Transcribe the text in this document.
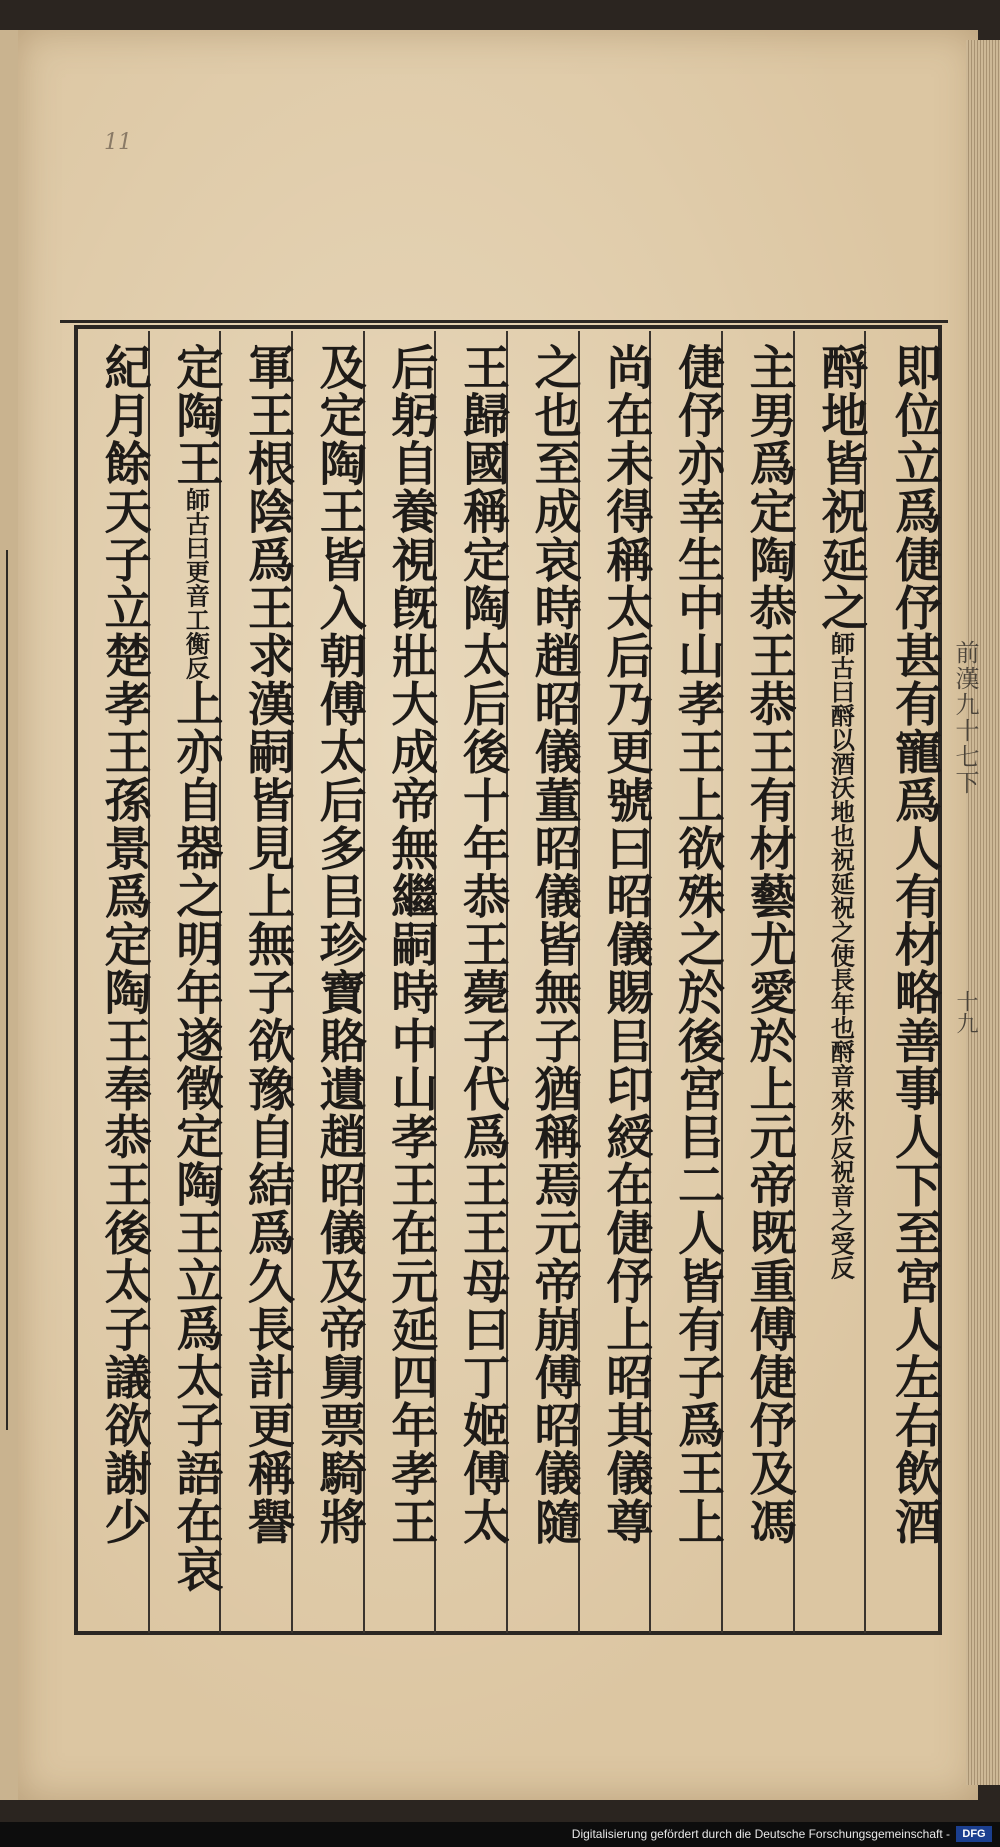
11
即位立爲倢伃甚有寵爲人有材略善事人下至宮人左右飲酒
酹地皆祝延之師古曰酹以酒沃地也祝延祝之使長年也酹音來外反祝音之受反
主男爲定陶恭王恭王有材藝尤愛於上元帝既重傅倢伃及馮
倢伃亦幸生中山孝王上欲殊之於後宮㠯二人皆有子爲王上
尚在未得稱太后乃更號曰昭儀賜㠯印綬在倢伃上昭其儀尊
之也至成哀時趙昭儀董昭儀皆無子猶稱焉元帝崩傅昭儀隨
王歸國稱定陶太后後十年恭王薨子代爲王王母曰丁姬傅太
后躬自養視旣壯大成帝無繼嗣時中山孝王在元延四年孝王
及定陶王皆入朝傅太后多㠯珍寶賂遺趙昭儀及帝舅票騎將
軍王根陰爲王求漢嗣皆見上無子欲豫自結爲久長計更稱譽
定陶王師古曰更音工衡反上亦自器之明年遂徵定陶王立爲太子語在哀
紀月餘天子立楚孝王孫景爲定陶王奉恭王後太子議欲謝少	前漢九十七下
十九
Digitalisierung gefördert durch die Deutsche Forschungsgemeinschaft -	DFG
